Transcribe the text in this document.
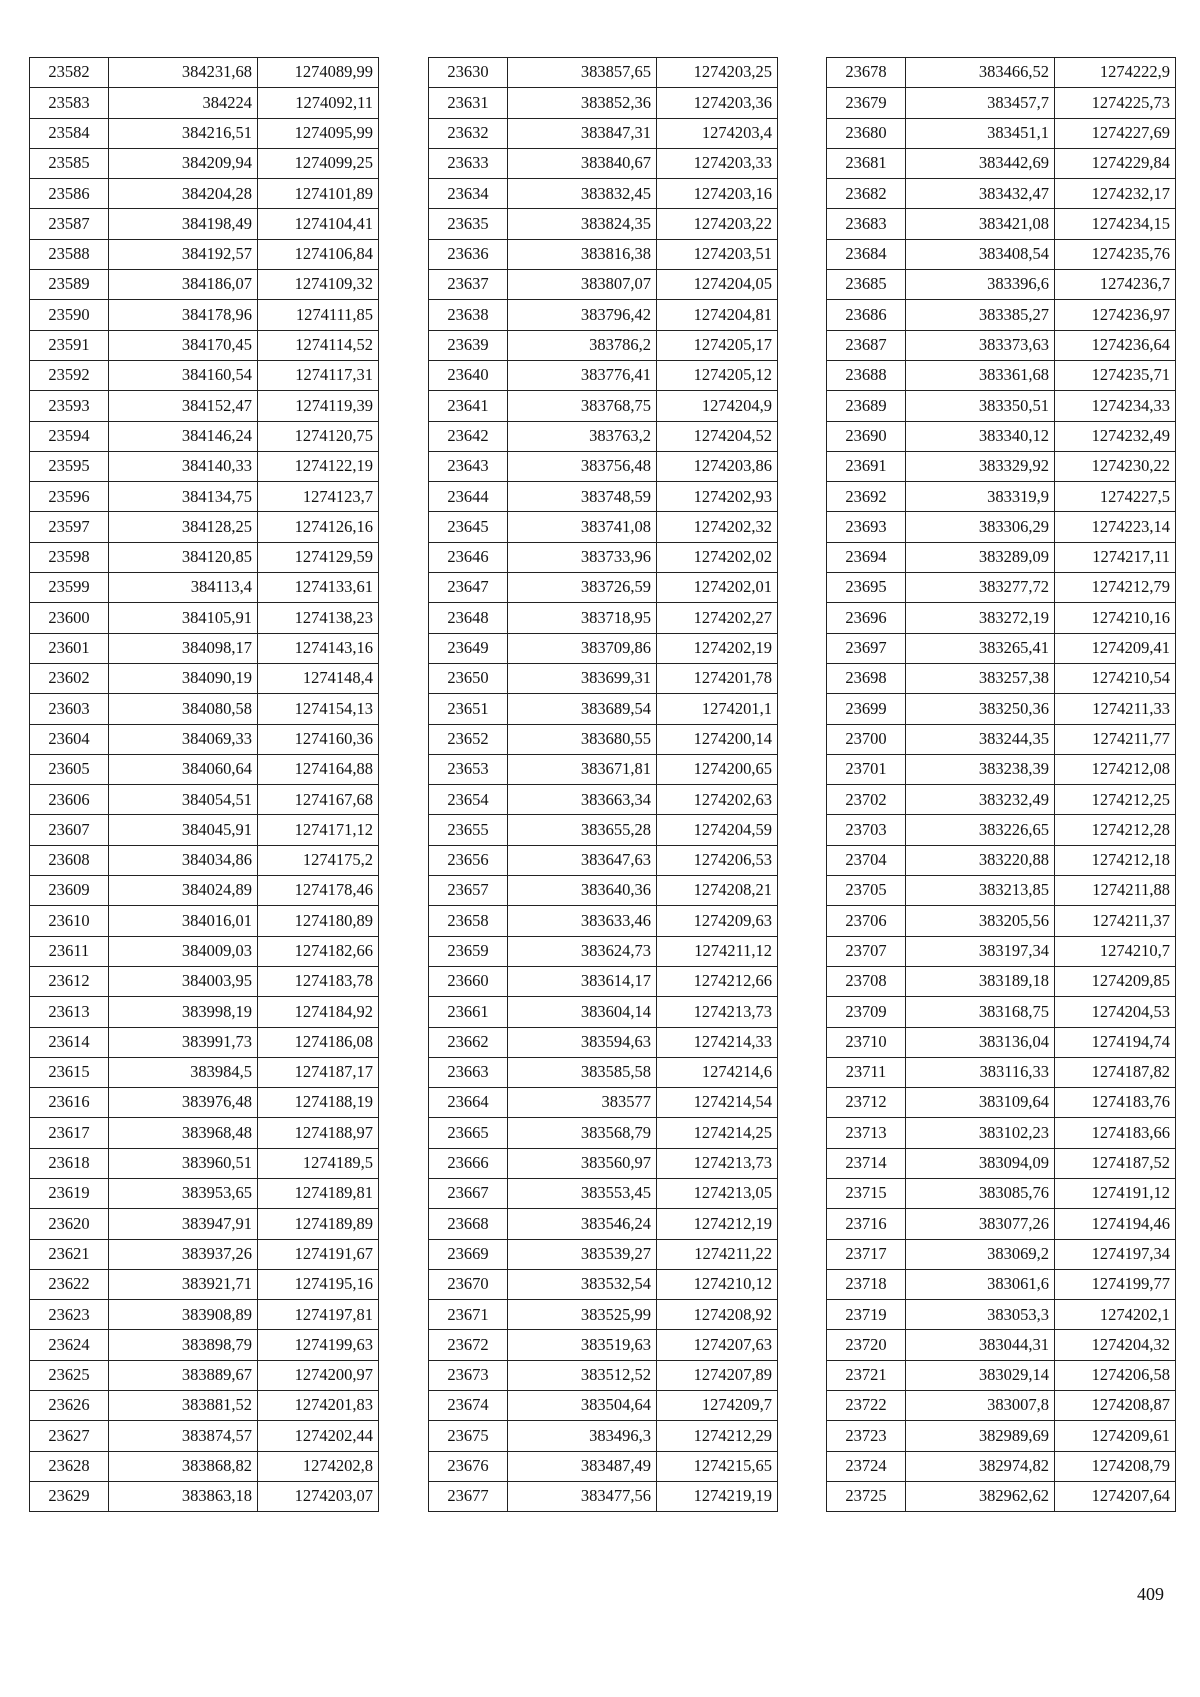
23582	384231,68	1274089,99
23583	384224	1274092,11
23584	384216,51	1274095,99
23585	384209,94	1274099,25
23586	384204,28	1274101,89
23587	384198,49	1274104,41
23588	384192,57	1274106,84
23589	384186,07	1274109,32
23590	384178,96	1274111,85
23591	384170,45	1274114,52
23592	384160,54	1274117,31
23593	384152,47	1274119,39
23594	384146,24	1274120,75
23595	384140,33	1274122,19
23596	384134,75	1274123,7
23597	384128,25	1274126,16
23598	384120,85	1274129,59
23599	384113,4	1274133,61
23600	384105,91	1274138,23
23601	384098,17	1274143,16
23602	384090,19	1274148,4
23603	384080,58	1274154,13
23604	384069,33	1274160,36
23605	384060,64	1274164,88
23606	384054,51	1274167,68
23607	384045,91	1274171,12
23608	384034,86	1274175,2
23609	384024,89	1274178,46
23610	384016,01	1274180,89
23611	384009,03	1274182,66
23612	384003,95	1274183,78
23613	383998,19	1274184,92
23614	383991,73	1274186,08
23615	383984,5	1274187,17
23616	383976,48	1274188,19
23617	383968,48	1274188,97
23618	383960,51	1274189,5
23619	383953,65	1274189,81
23620	383947,91	1274189,89
23621	383937,26	1274191,67
23622	383921,71	1274195,16
23623	383908,89	1274197,81
23624	383898,79	1274199,63
23625	383889,67	1274200,97
23626	383881,52	1274201,83
23627	383874,57	1274202,44
23628	383868,82	1274202,8
23629	383863,18	1274203,07
23630	383857,65	1274203,25
23631	383852,36	1274203,36
23632	383847,31	1274203,4
23633	383840,67	1274203,33
23634	383832,45	1274203,16
23635	383824,35	1274203,22
23636	383816,38	1274203,51
23637	383807,07	1274204,05
23638	383796,42	1274204,81
23639	383786,2	1274205,17
23640	383776,41	1274205,12
23641	383768,75	1274204,9
23642	383763,2	1274204,52
23643	383756,48	1274203,86
23644	383748,59	1274202,93
23645	383741,08	1274202,32
23646	383733,96	1274202,02
23647	383726,59	1274202,01
23648	383718,95	1274202,27
23649	383709,86	1274202,19
23650	383699,31	1274201,78
23651	383689,54	1274201,1
23652	383680,55	1274200,14
23653	383671,81	1274200,65
23654	383663,34	1274202,63
23655	383655,28	1274204,59
23656	383647,63	1274206,53
23657	383640,36	1274208,21
23658	383633,46	1274209,63
23659	383624,73	1274211,12
23660	383614,17	1274212,66
23661	383604,14	1274213,73
23662	383594,63	1274214,33
23663	383585,58	1274214,6
23664	383577	1274214,54
23665	383568,79	1274214,25
23666	383560,97	1274213,73
23667	383553,45	1274213,05
23668	383546,24	1274212,19
23669	383539,27	1274211,22
23670	383532,54	1274210,12
23671	383525,99	1274208,92
23672	383519,63	1274207,63
23673	383512,52	1274207,89
23674	383504,64	1274209,7
23675	383496,3	1274212,29
23676	383487,49	1274215,65
23677	383477,56	1274219,19
23678	383466,52	1274222,9
23679	383457,7	1274225,73
23680	383451,1	1274227,69
23681	383442,69	1274229,84
23682	383432,47	1274232,17
23683	383421,08	1274234,15
23684	383408,54	1274235,76
23685	383396,6	1274236,7
23686	383385,27	1274236,97
23687	383373,63	1274236,64
23688	383361,68	1274235,71
23689	383350,51	1274234,33
23690	383340,12	1274232,49
23691	383329,92	1274230,22
23692	383319,9	1274227,5
23693	383306,29	1274223,14
23694	383289,09	1274217,11
23695	383277,72	1274212,79
23696	383272,19	1274210,16
23697	383265,41	1274209,41
23698	383257,38	1274210,54
23699	383250,36	1274211,33
23700	383244,35	1274211,77
23701	383238,39	1274212,08
23702	383232,49	1274212,25
23703	383226,65	1274212,28
23704	383220,88	1274212,18
23705	383213,85	1274211,88
23706	383205,56	1274211,37
23707	383197,34	1274210,7
23708	383189,18	1274209,85
23709	383168,75	1274204,53
23710	383136,04	1274194,74
23711	383116,33	1274187,82
23712	383109,64	1274183,76
23713	383102,23	1274183,66
23714	383094,09	1274187,52
23715	383085,76	1274191,12
23716	383077,26	1274194,46
23717	383069,2	1274197,34
23718	383061,6	1274199,77
23719	383053,3	1274202,1
23720	383044,31	1274204,32
23721	383029,14	1274206,58
23722	383007,8	1274208,87
23723	382989,69	1274209,61
23724	382974,82	1274208,79
23725	382962,62	1274207,64
409
